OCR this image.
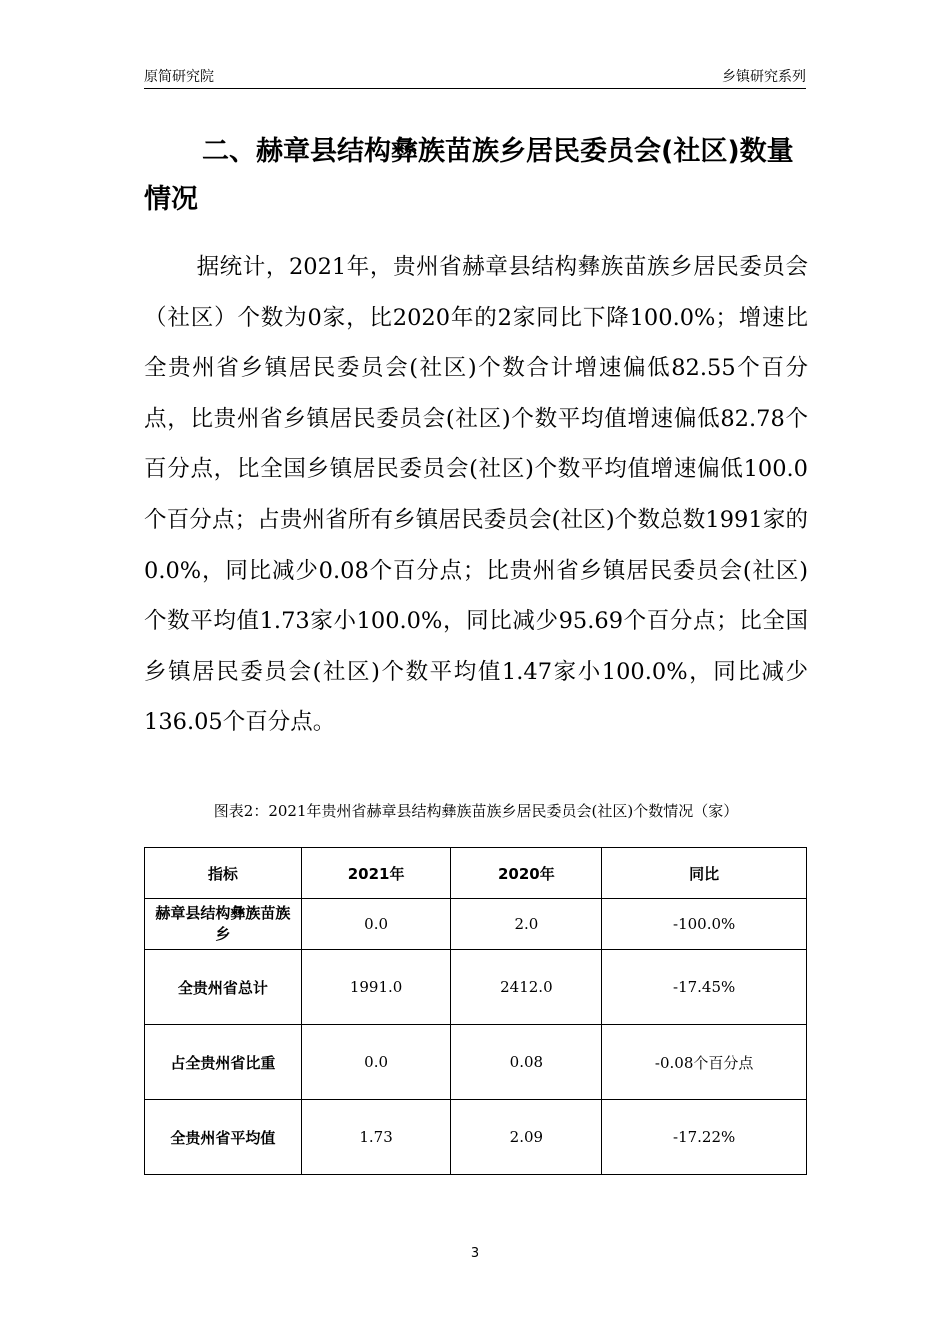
原简研究院	乡镇研究系列
二、赫章县结构彝族苗族乡居民委员会(社区)数量情况
据统计，2021年，贵州省赫章县结构彝族苗族乡居民委员会（社区）个数为0家，比2020年的2家同比下降100.0%；增速比全贵州省乡镇居民委员会(社区)个数合计增速偏低82.55个百分点，比贵州省乡镇居民委员会(社区)个数平均值增速偏低82.78个百分点，比全国乡镇居民委员会(社区)个数平均值增速偏低100.0个百分点；占贵州省所有乡镇居民委员会(社区)个数总数1991家的0.0%，同比减少0.08个百分点；比贵州省乡镇居民委员会(社区)个数平均值1.73家小100.0%，同比减少95.69个百分点；比全国乡镇居民委员会(社区)个数平均值1.47家小100.0%，同比减少136.05个百分点。
图表2：2021年贵州省赫章县结构彝族苗族乡居民委员会(社区)个数情况（家）
指标	2021年	2020年	同比
赫章县结构彝族苗族乡	0.0	2.0	-100.0%
全贵州省总计	1991.0	2412.0	-17.45%
占全贵州省比重	0.0	0.08	-0.08个百分点
全贵州省平均值	1.73	2.09	-17.22%
3
